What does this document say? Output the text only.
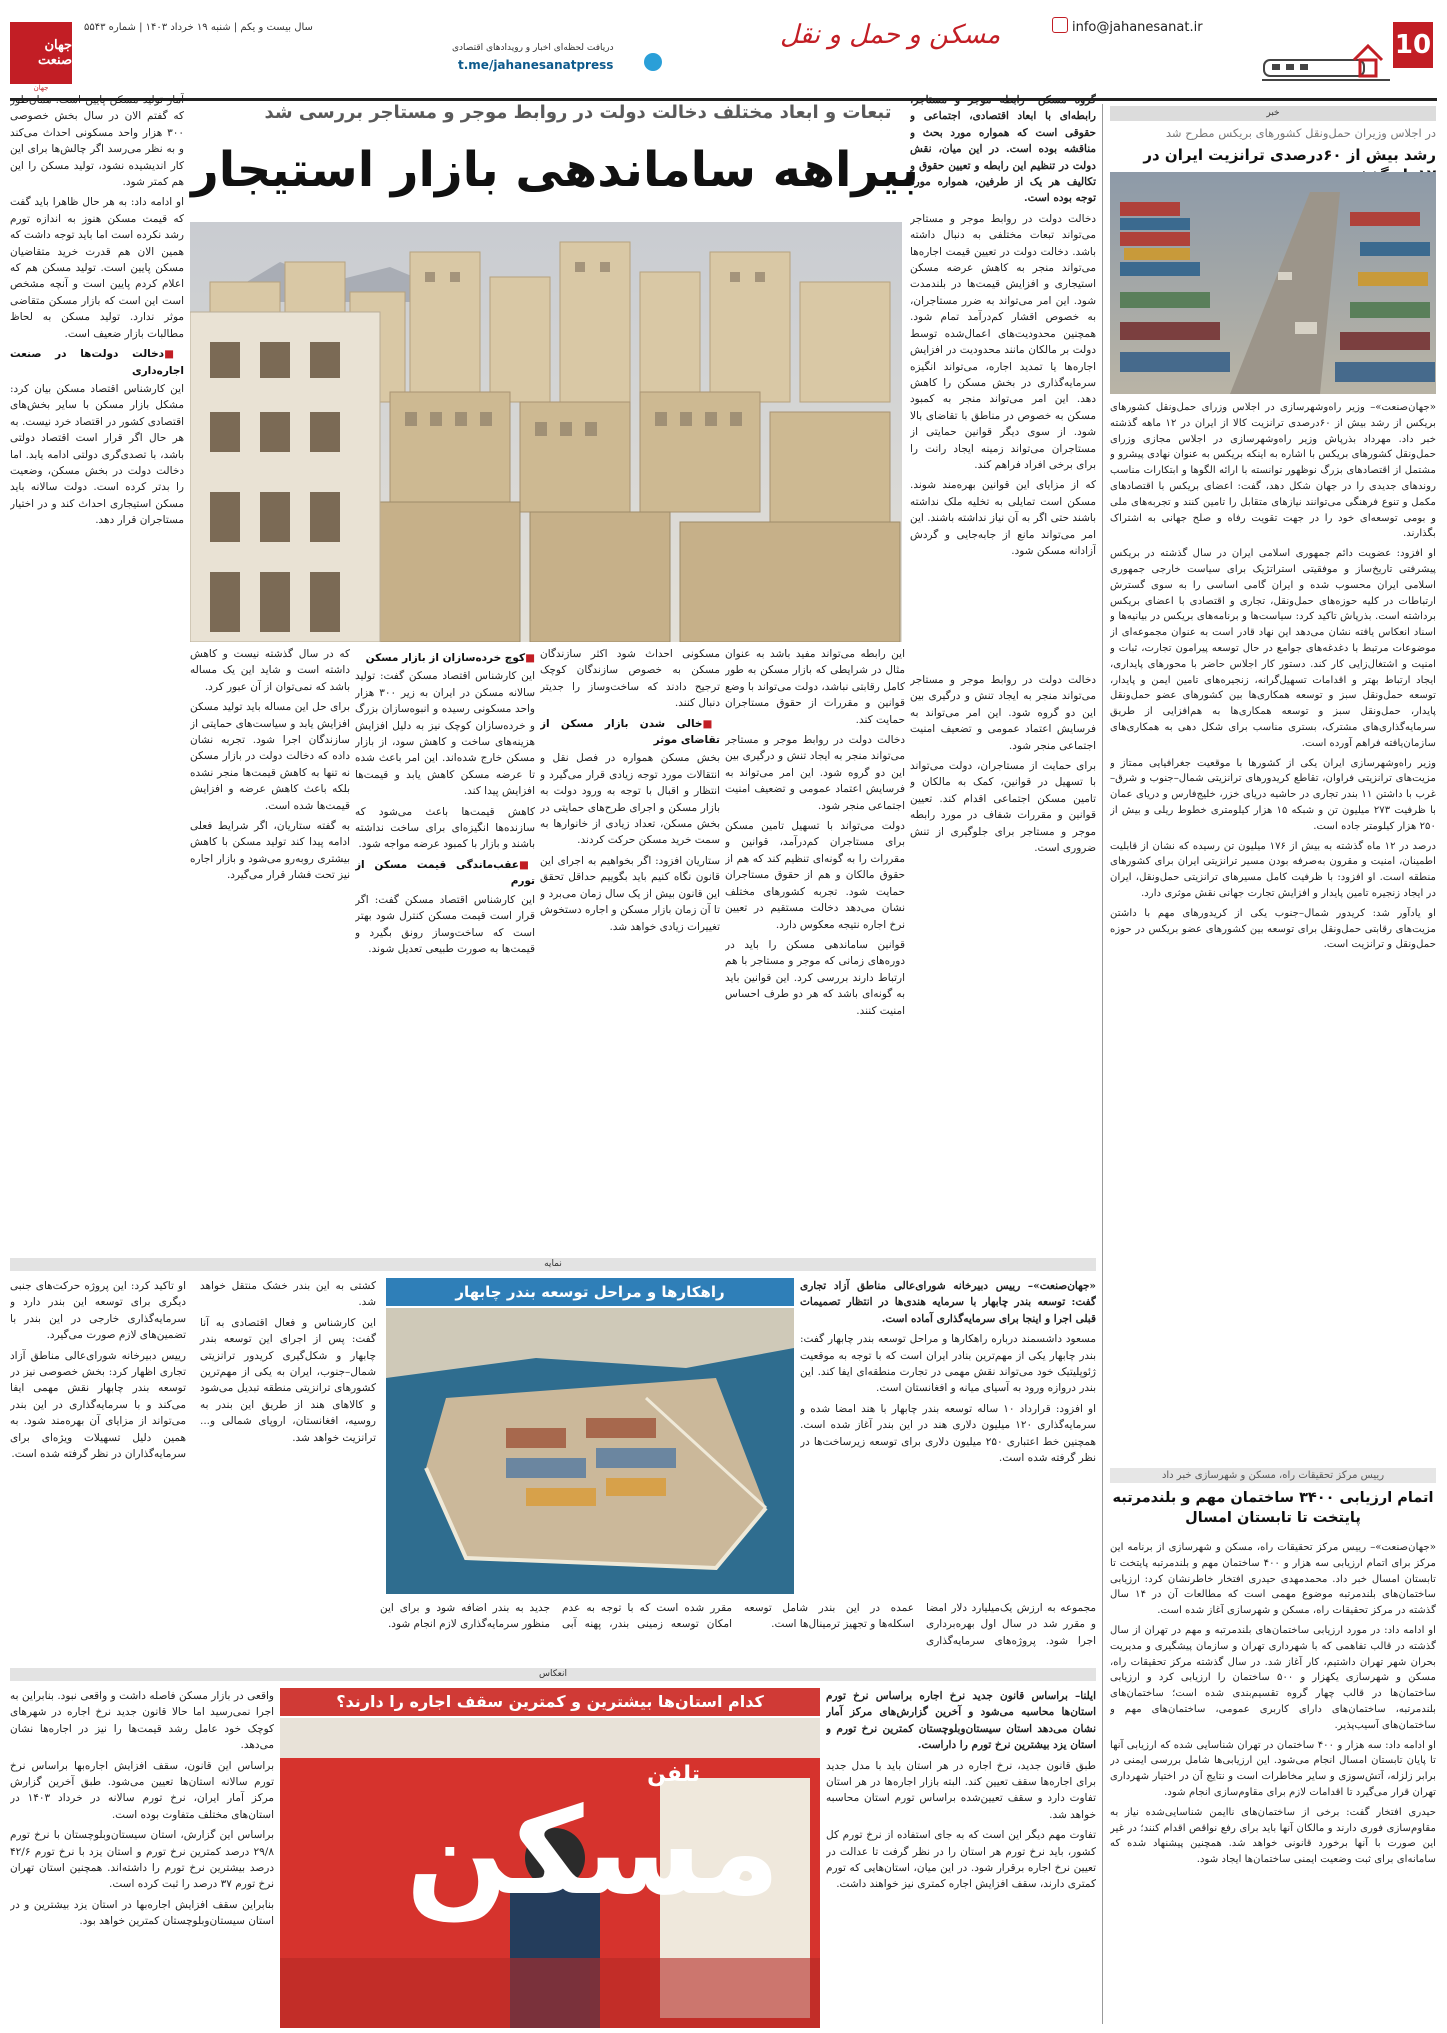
10
info@jahanesanat.ir
مسکن و حمل و نقل
دریافت لحظه‌ای اخبار و رویدادهای اقتصادی
t.me/jahanesanatpress
سال بیست و یکم | شنبه ۱۹ خرداد ۱۴۰۳ | شماره ۵۵۴۳
جهان صنعت
جهان
خبر
در اجلاس وزیران حمل‌ونقل کشورهای بریکس مطرح شد
رشد بیش از ۶۰درصدی ترانزیت ایران در

«جهان‌صنعت»– وزیر راه‌وشهرسازی در اجلاس وزرای حمل‌ونقل کشورهای بریکس از رشد بیش از ۶۰درصدی ترانزیت کالا از ایران در ۱۲ ماهه گذشته خبر داد. مهرداد بذرپاش وزیر راه‌وشهرسازی در اجلاس مجازی وزرای حمل‌ونقل کشورهای بریکس با اشاره به اینکه بریکس به عنوان نهادی پیشرو و مشتمل از اقتصادهای بزرگ نوظهور توانسته با ارائه الگوها و ابتکارات مناسب روندهای جدیدی را در جهان شکل دهد، گفت: اعضای بریکس با اقتصادهای مکمل و تنوع فرهنگی می‌توانند نیازهای متقابل را تامین کنند و تجربه‌های ملی و بومی توسعه‌ای خود را در جهت تقویت رفاه و صلح جهانی به اشتراک بگذارند.

او افزود: عضویت دائم جمهوری اسلامی ایران در سال گذشته در بریکس پیشرفتی تاریخ‌ساز و موفقیتی استراتژیک برای سیاست خارجی جمهوری اسلامی ایران محسوب شده و ایران گامی اساسی را به سوی گسترش ارتباطات در کلیه حوزه‌های حمل‌ونقل، تجاری و اقتصادی با اعضای بریکس برداشته است. بذرپاش تاکید کرد: سیاست‌ها و برنامه‌های بریکس در بیانیه‌ها و اسناد انعکاس یافته نشان می‌دهد این نهاد قادر است به عنوان مجموعه‌ای از موضوعات مرتبط با دغدغه‌های جوامع در حال توسعه پیرامون تجارت، ثبات و امنیت و اشتغال‌زایی کار کند. دستور کار اجلاس حاضر با محورهای پایداری، ایجاد ارتباط بهتر و اقدامات تسهیل‌گرانه، زنجیره‌های تامین ایمن و پایدار، توسعه حمل‌ونقل سبز و توسعه همکاری‌ها بین کشورهای عضو حمل‌ونقل پایدار، حمل‌ونقل سبز و توسعه همکاری‌ها به هم‌افزایی از طریق سرمایه‌گذاری‌های مشترک، بستری مناسب برای شکل دهی به همکاری‌های سازمان‌یافته فراهم آورده است.

وزیر راه‌وشهرسازی ایران یکی از کشورها با موقعیت جغرافیایی ممتاز و مزیت‌های ترانزیتی فراوان، تقاطع کریدورهای ترانزیتی شمال–جنوب و شرق–غرب با داشتن ۱۱ بندر تجاری در حاشیه دریای خزر، خلیج‌فارس و دریای عمان با ظرفیت ۲۷۳ میلیون تن و شبکه ۱۵ هزار کیلومتری خطوط ریلی و بیش از ۲۵۰ هزار کیلومتر جاده است.

درصد در ۱۲ ماه گذشته به بیش از ۱۷۶ میلیون تن رسیده که نشان از قابلیت اطمینان، امنیت و مقرون به‌صرفه بودن مسیر ترانزیتی ایران برای کشورهای منطقه است. او افزود: با ظرفیت کامل مسیرهای ترانزیتی حمل‌ونقل، ایران در ایجاد زنجیره تامین پایدار و افزایش تجارت جهانی نقش موثری دارد.

او یادآور شد: کریدور شمال–جنوب یکی از کریدورهای مهم با داشتن مزیت‌های رقابتی حمل‌ونقل برای توسعه بین کشورهای عضو بریکس در حوزه حمل‌ونقل و ترانزیت است.

رییس مرکز تحقیقات راه، مسکن و شهرسازی خبر داد
اتمام ارزیابی ۳۴۰۰ ساختمان مهم و بلندمرتبه پایتخت تا تابستان امسال

«جهان‌صنعت»– رییس مرکز تحقیقات راه، مسکن و شهرسازی از برنامه این مرکز برای اتمام ارزیابی سه هزار و ۴۰۰ ساختمان مهم و بلندمرتبه پایتخت تا تابستان امسال خبر داد. محمدمهدی حیدری افتخار خاطرنشان کرد: ارزیابی ساختمان‌های بلندمرتبه موضوع مهمی است که مطالعات آن در ۱۴ سال گذشته در مرکز تحقیقات راه، مسکن و شهرسازی آغاز شده است.

او ادامه داد: در مورد ارزیابی ساختمان‌های بلندمرتبه و مهم در تهران از سال گذشته در قالب تفاهمی که با شهرداری تهران و سازمان پیشگیری و مدیریت بحران شهر تهران داشتیم، کار آغاز شد. در سال گذشته مرکز تحقیقات راه، مسکن و شهرسازی یکهزار و ۵۰۰ ساختمان را ارزیابی کرد و ارزیابی ساختمان‌ها در قالب چهار گروه تقسیم‌بندی شده است؛ ساختمان‌های بلندمرتبه، ساختمان‌های دارای کاربری عمومی، ساختمان‌های مهم و ساختمان‌های آسیب‌پذیر.

او ادامه داد: سه هزار و ۴۰۰ ساختمان در تهران شناسایی شده که ارزیابی آنها تا پایان تابستان امسال انجام می‌شود. این ارزیابی‌ها شامل بررسی ایمنی در برابر زلزله، آتش‌سوزی و سایر مخاطرات است و نتایج آن در اختیار شهرداری تهران قرار می‌گیرد تا اقدامات لازم برای مقاوم‌سازی انجام شود.

حیدری افتخار گفت: برخی از ساختمان‌های ناایمن شناسایی‌شده نیاز به مقاوم‌سازی فوری دارند و مالکان آنها باید برای رفع نواقص اقدام کنند؛ در غیر این صورت با آنها برخورد قانونی خواهد شد. همچنین پیشنهاد شده که سامانه‌ای برای ثبت وضعیت ایمنی ساختمان‌ها ایجاد شود.

تبعات و ابعاد مختلف دخالت دولت در روابط موجر و مستاجر بررسی شد
بیراهه ساماندهی بازار استیجار

گروه مسکن– رابطه موجر و مستاجر، رابطه‌ای با ابعاد اقتصادی، اجتماعی و حقوقی است که همواره مورد بحث و مناقشه بوده است. در این میان، نقش دولت در تنظیم این رابطه و تعیین حقوق و تکالیف هر یک از طرفین، همواره مورد توجه بوده است.

دخالت دولت در روابط موجر و مستاجر می‌تواند تبعات مختلفی به دنبال داشته باشد. دخالت دولت در تعیین قیمت اجاره‌ها می‌تواند منجر به کاهش عرضه مسکن استیجاری و افزایش قیمت‌ها در بلندمدت شود. این امر می‌تواند به ضرر مستاجران، به خصوص اقشار کم‌درآمد تمام شود. همچنین محدودیت‌های اعمال‌شده توسط دولت بر مالکان مانند محدودیت در افزایش اجاره‌ها یا تمدید اجاره، می‌تواند انگیزه سرمایه‌گذاری در بخش مسکن را کاهش دهد. این امر می‌تواند منجر به کمبود مسکن به خصوص در مناطق با تقاضای بالا شود. از سوی دیگر قوانین حمایتی از مستاجران می‌تواند زمینه ایجاد رانت را برای برخی افراد فراهم کند.

که از مزایای این قوانین بهره‌مند شوند. مسکن است تمایلی به تخلیه ملک نداشته باشند حتی اگر به آن نیاز نداشته باشند. این امر می‌تواند مانع از جابه‌جایی و گردش آزادانه مسکن شود.

دخالت دولت در روابط موجر و مستاجر می‌تواند منجر به ایجاد تنش و درگیری بین این دو گروه شود. این امر می‌تواند به فرسایش اعتماد عمومی و تضعیف امنیت اجتماعی منجر شود.

برای حمایت از مستاجران، دولت می‌تواند با تسهیل در قوانین، کمک به مالکان و تامین مسکن اجتماعی اقدام کند. تعیین قوانین و مقررات شفاف در مورد رابطه موجر و مستاجر برای جلوگیری از تنش ضروری است.

این رابطه می‌تواند مفید باشد به عنوان مثال در شرایطی که بازار مسکن به طور کامل رقابتی نباشد، دولت می‌تواند با وضع قوانین و مقررات از حقوق مستاجران حمایت کند.

دخالت دولت در روابط موجر و مستاجر می‌تواند منجر به ایجاد تنش و درگیری بین این دو گروه شود. این امر می‌تواند به فرسایش اعتماد عمومی و تضعیف امنیت اجتماعی منجر شود.

دولت می‌تواند با تسهیل تامین مسکن برای مستاجران کم‌درآمد، قوانین و مقررات را به گونه‌ای تنظیم کند که هم از حقوق مالکان و هم از حقوق مستاجران حمایت شود. تجربه کشورهای مختلف نشان می‌دهد دخالت مستقیم در تعیین نرخ اجاره نتیجه معکوس دارد.

قوانین ساماندهی مسکن را باید در دوره‌های زمانی که موجر و مستاجر با هم ارتباط دارند بررسی کرد. این قوانین باید به گونه‌ای باشد که هر دو طرف احساس امنیت کنند.

مسکونی احداث شود اکثر سازندگان مسکن به خصوص سازندگان کوچک ترجیح دادند که ساخت‌وساز را جدیتر دنبال کنند.

■ خالی شدن بازار مسکن از تقاضای موثر

بخش مسکن همواره در فصل نقل و انتقالات مورد توجه زیادی قرار می‌گیرد و انتظار و اقبال با توجه به ورود دولت به بازار مسکن و اجرای طرح‌های حمایتی در بخش مسکن، تعداد زیادی از خانوارها به سمت خرید مسکن حرکت کردند.

ستاریان افزود: اگر بخواهیم به اجرای این قانون نگاه کنیم باید بگوییم حداقل تحقق این قانون بیش از یک سال زمان می‌برد و تا آن زمان بازار مسکن و اجاره دستخوش تغییرات زیادی خواهد شد.

■ کوچ خرده‌سازان از بازار مسکن

این کارشناس اقتصاد مسکن گفت: تولید سالانه مسکن در ایران به زیر ۳۰۰ هزار واحد مسکونی رسیده و انبوه‌سازان بزرگ و خرده‌سازان کوچک نیز به دلیل افزایش هزینه‌های ساخت و کاهش سود، از بازار مسکن خارج شده‌اند. این امر باعث شده تا عرضه مسکن کاهش یابد و قیمت‌ها افزایش پیدا کند.

کاهش قیمت‌ها باعث می‌شود که سازنده‌ها انگیزه‌ای برای ساخت نداشته باشند و بازار با کمبود عرضه مواجه شود.

■ عقب‌ماندگی قیمت مسکن از تورم

این کارشناس اقتصاد مسکن گفت: اگر قرار است قیمت مسکن کنترل شود بهتر است که ساخت‌وساز رونق بگیرد و قیمت‌ها به صورت طبیعی تعدیل شوند.

که در سال گذشته نیست و کاهش داشته است و شاید این یک مساله باشد که نمی‌توان از آن عبور کرد.

برای حل این مساله باید تولید مسکن افزایش یابد و سیاست‌های حمایتی از سازندگان اجرا شود. تجربه نشان داده که دخالت دولت در بازار مسکن نه تنها به کاهش قیمت‌ها منجر نشده بلکه باعث کاهش عرضه و افزایش قیمت‌ها شده است.

به گفته ستاریان، اگر شرایط فعلی ادامه پیدا کند تولید مسکن با کاهش بیشتری روبه‌رو می‌شود و بازار اجاره نیز تحت فشار قرار می‌گیرد.

آمار تولید مسکن پایین است. همان‌طور که گفتم الان در سال بخش خصوصی ۳۰۰ هزار واحد مسکونی احداث می‌کند و به نظر می‌رسد اگر چالش‌ها برای این کار اندیشیده نشود، تولید مسکن را این هم کمتر شود.

او ادامه داد: به هر حال ظاهرا باید گفت که قیمت مسکن هنوز به اندازه تورم رشد نکرده است اما باید توجه داشت که همین الان هم قدرت خرید متقاضیان مسکن پایین است. تولید مسکن هم که اعلام کردم پایین است و آنچه مشخص است این است که بازار مسکن متقاضی موثر ندارد. تولید مسکن به لحاظ مطالبات بازار ضعیف است.

■ دخالت دولت‌ها در صنعت اجاره‌داری

این کارشناس اقتصاد مسکن بیان کرد: مشکل بازار مسکن با سایر بخش‌های اقتصادی کشور در اقتصاد خرد نیست. به هر حال اگر قرار است اقتصاد دولتی باشد، با تصدی‌گری دولتی ادامه یابد. اما دخالت دولت در بخش مسکن، وضعیت را بدتر کرده است. دولت سالانه باید مسکن استیجاری احداث کند و در اختیار مستاجران قرار دهد.

نمایه
راهکارها و مراحل توسعه بندر چابهار	«جهان‌صنعت»– رییس دبیرخانه شورای‌عالی مناطق آزاد تجاری گفت: توسعه بندر چابهار با سرمایه هندی‌ها در انتظار تصمیمات قبلی اجرا و اینجا برای سرمایه‌گذاری آماده است.

مسعود داشسمند درباره راهکارها و مراحل توسعه بندر چابهار گفت: بندر چابهار یکی از مهم‌ترین بنادر ایران است که با توجه به موقعیت ژئوپلیتیک خود می‌تواند نقش مهمی در تجارت منطقه‌ای ایفا کند. این بندر دروازه ورود به آسیای میانه و افغانستان است.

او افزود: قرارداد ۱۰ ساله توسعه بندر چابهار با هند امضا شده و سرمایه‌گذاری ۱۲۰ میلیون دلاری هند در این بندر آغاز شده است. همچنین خط اعتباری ۲۵۰ میلیون دلاری برای توسعه زیرساخت‌ها در نظر گرفته شده است.

مجموعه به ارزش یک‌میلیارد دلار امضا و مقرر شد در سال اول بهره‌برداری اجرا شود. پروژه‌های سرمایه‌گذاری عمده در این بندر شامل توسعه اسکله‌ها و تجهیز ترمینال‌ها است.

مقرر شده است که با توجه به عدم امکان توسعه زمینی بندر، پهنه آبی جدید به بندر اضافه شود و برای این منظور سرمایه‌گذاری لازم انجام شود.

کشتی به این بندر خشک منتقل خواهد شد.

این کارشناس و فعال اقتصادی به آنا گفت: پس از اجرای این توسعه بندر چابهار و شکل‌گیری کریدور ترانزیتی شمال–جنوب، ایران به یکی از مهم‌ترین کشورهای ترانزیتی منطقه تبدیل می‌شود و کالاهای هند از طریق این بندر به روسیه، افغانستان، اروپای شمالی و... ترانزیت خواهد شد.

او تاکید کرد: این پروژه حرکت‌های جنبی دیگری برای توسعه این بندر دارد و سرمایه‌گذاری خارجی در این بندر با تضمین‌های لازم صورت می‌گیرد.

رییس دبیرخانه شورای‌عالی مناطق آزاد تجاری اظهار کرد: بخش خصوصی نیز در توسعه بندر چابهار نقش مهمی ایفا می‌کند و با سرمایه‌گذاری در این بندر می‌تواند از مزایای آن بهره‌مند شود. به همین دلیل تسهیلات ویژه‌ای برای سرمایه‌گذاران در نظر گرفته شده است.

انعکاس
کدام استان‌ها بیشترین و کمترین سقف اجاره را دارند؟
مسکن
تلفن

ایلنا– براساس قانون جدید نرخ اجاره براساس نرخ تورم استان‌ها محاسبه می‌شود و آخرین گزارش‌های مرکز آمار نشان می‌دهد استان سیستان‌وبلوچستان کمترین نرخ تورم و استان یزد بیشترین نرخ تورم را داراست.

طبق قانون جدید، نرخ اجاره در هر استان باید با مدل جدید برای اجاره‌ها سقف تعیین کند. البته بازار اجاره‌ها در هر استان تفاوت دارد و سقف تعیین‌شده براساس تورم استان محاسبه خواهد شد.

تفاوت مهم دیگر این است که به جای استفاده از نرخ تورم کل کشور، باید نرخ تورم هر استان را در نظر گرفت تا عدالت در تعیین نرخ اجاره برقرار شود. در این میان، استان‌هایی که تورم کمتری دارند، سقف افزایش اجاره کمتری نیز خواهند داشت.

واقعی در بازار مسکن فاصله داشت و واقعی نبود. بنابراین به اجرا نمی‌رسید اما حالا قانون جدید نرخ اجاره در شهرهای کوچک خود عامل رشد قیمت‌ها را نیز در اجاره‌ها نشان می‌دهد.

براساس این قانون، سقف افزایش اجاره‌بها براساس نرخ تورم سالانه استان‌ها تعیین می‌شود. طبق آخرین گزارش مرکز آمار ایران، نرخ تورم سالانه در خرداد ۱۴۰۳ در استان‌های مختلف متفاوت بوده است.

براساس این گزارش، استان سیستان‌وبلوچستان با نرخ تورم ۲۹/۸ درصد کمترین نرخ تورم و استان یزد با نرخ تورم ۴۲/۶ درصد بیشترین نرخ تورم را داشته‌اند. همچنین استان تهران نرخ تورم ۳۷ درصد را ثبت کرده است.

بنابراین سقف افزایش اجاره‌بها در استان یزد بیشترین و در استان سیستان‌وبلوچستان کمترین خواهد بود.
